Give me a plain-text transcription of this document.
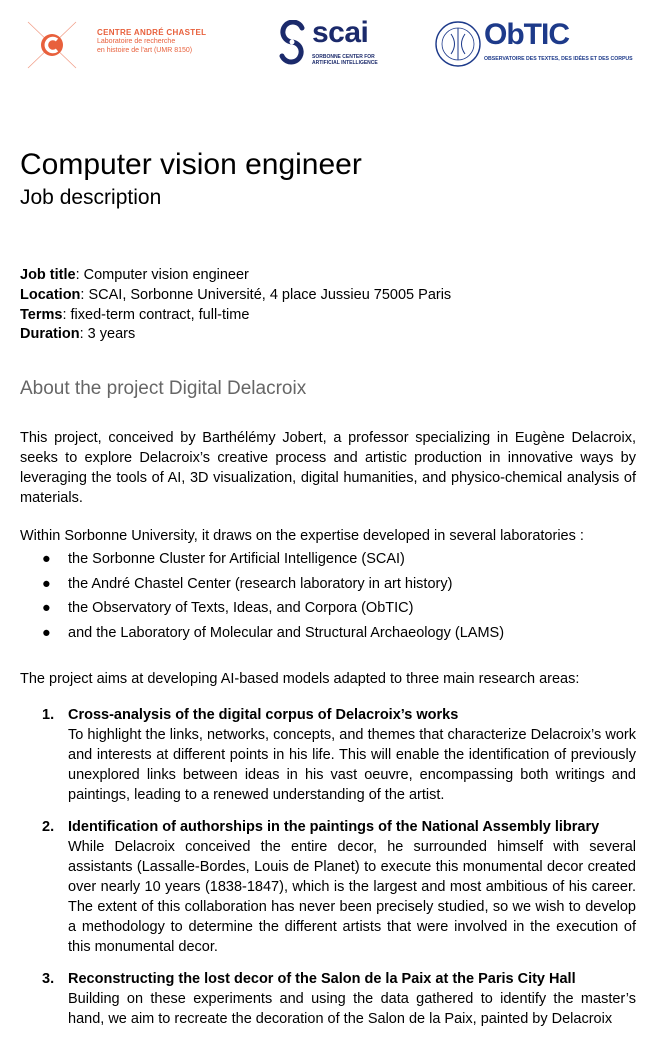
CENTRE ANDRÉ CHASTEL
Laboratoire de recherche
en histoire de l'art (UMR 8150)
scai
SORBONNE CENTER FOR
ARTIFICIAL INTELLIGENCE
ObTIC
OBSERVATOIRE DES TEXTES, DES IDÉES ET DES CORPUS
Computer vision engineer
Job description

Job title: Computer vision engineer

Location: SCAI, Sorbonne Université, 4 place Jussieu 75005 Paris

Terms: fixed-term contract, full-time

Duration: 3 years

About the project Digital Delacroix

This project, conceived by Barthélémy Jobert, a professor specializing in Eugène Delacroix, seeks to explore Delacroix’s creative process and artistic production in innovative ways by leveraging the tools of AI, 3D visualization, digital humanities, and physico-chemical analysis of materials.

Within Sorbonne University, it draws on the expertise developed in several laboratories :

● the Sorbonne Cluster for Artificial Intelligence (SCAI)
● the André Chastel Center (research laboratory in art history)
● the Observatory of Texts, Ideas, and Corpora (ObTIC)
● and the Laboratory of Molecular and Structural Archaeology (LAMS)

The project aims at developing AI-based models adapted to three main research areas:

1. Cross-analysis of the digital corpus of Delacroix’s works
To highlight the links, networks, concepts, and themes that characterize Delacroix’s work and interests at different points in his life. This will enable the identification of previously unexplored links between ideas in his vast oeuvre, encompassing both writings and paintings, leading to a renewed understanding of the artist.
2. Identification of authorships in the paintings of the National Assembly library
While Delacroix conceived the entire decor, he surrounded himself with several assistants (Lassalle-Bordes, Louis de Planet) to execute this monumental decor created over nearly 10 years (1838-1847), which is the largest and most ambitious of his career. The extent of this collaboration has never been precisely studied, so we wish to develop a methodology to determine the different artists that were involved in the execution of this monumental decor.
3. Reconstructing the lost decor of the Salon de la Paix at the Paris City Hall
Building on these experiments and using the data gathered to identify the master’s hand, we aim to recreate the decoration of the Salon de la Paix, painted by Delacroix
